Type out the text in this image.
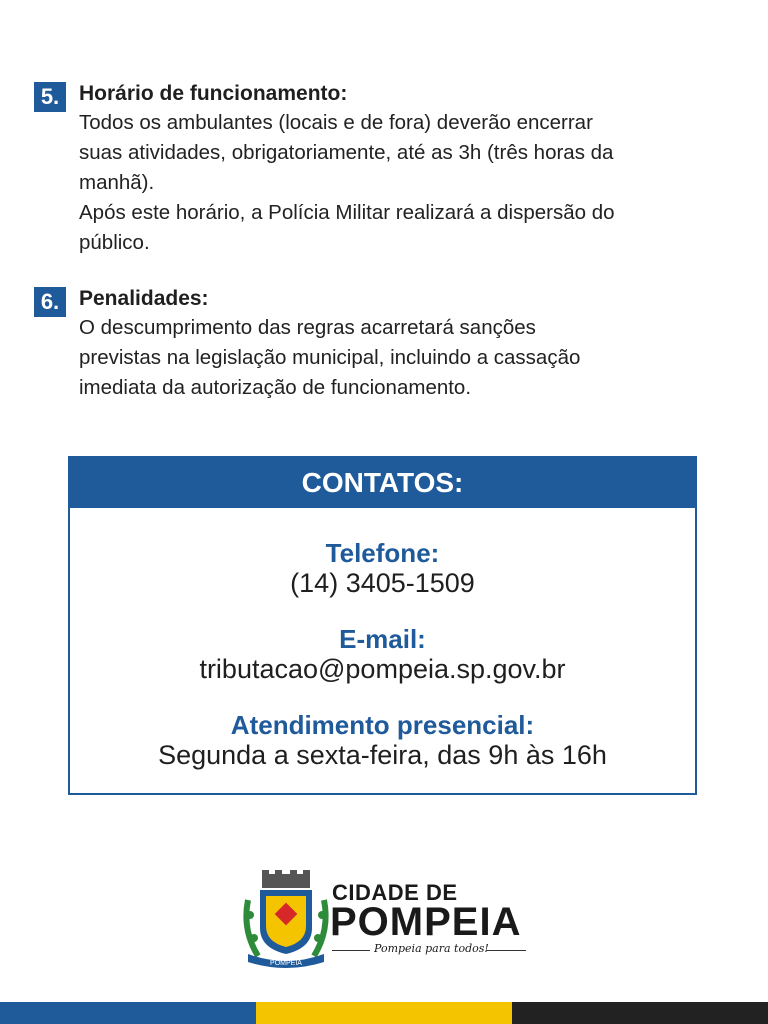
5. Horário de funcionamento:
Todos os ambulantes (locais e de fora) deverão encerrar
suas atividades, obrigatoriamente, até as 3h (três horas da
manhã).
Após este horário, a Polícia Militar realizará a dispersão do
público.
6. Penalidades:
O descumprimento das regras acarretará sanções
previstas na legislação municipal, incluindo a cassação
imediata da autorização de funcionamento.
CONTATOS:
Telefone:
(14) 3405-1509
E-mail:
tributacao@pompeia.sp.gov.br
Atendimento presencial:
Segunda a sexta-feira, das 9h às 16h
POMPEIA
CIDADE DE
POMPEIA
Pompeia para todos!
